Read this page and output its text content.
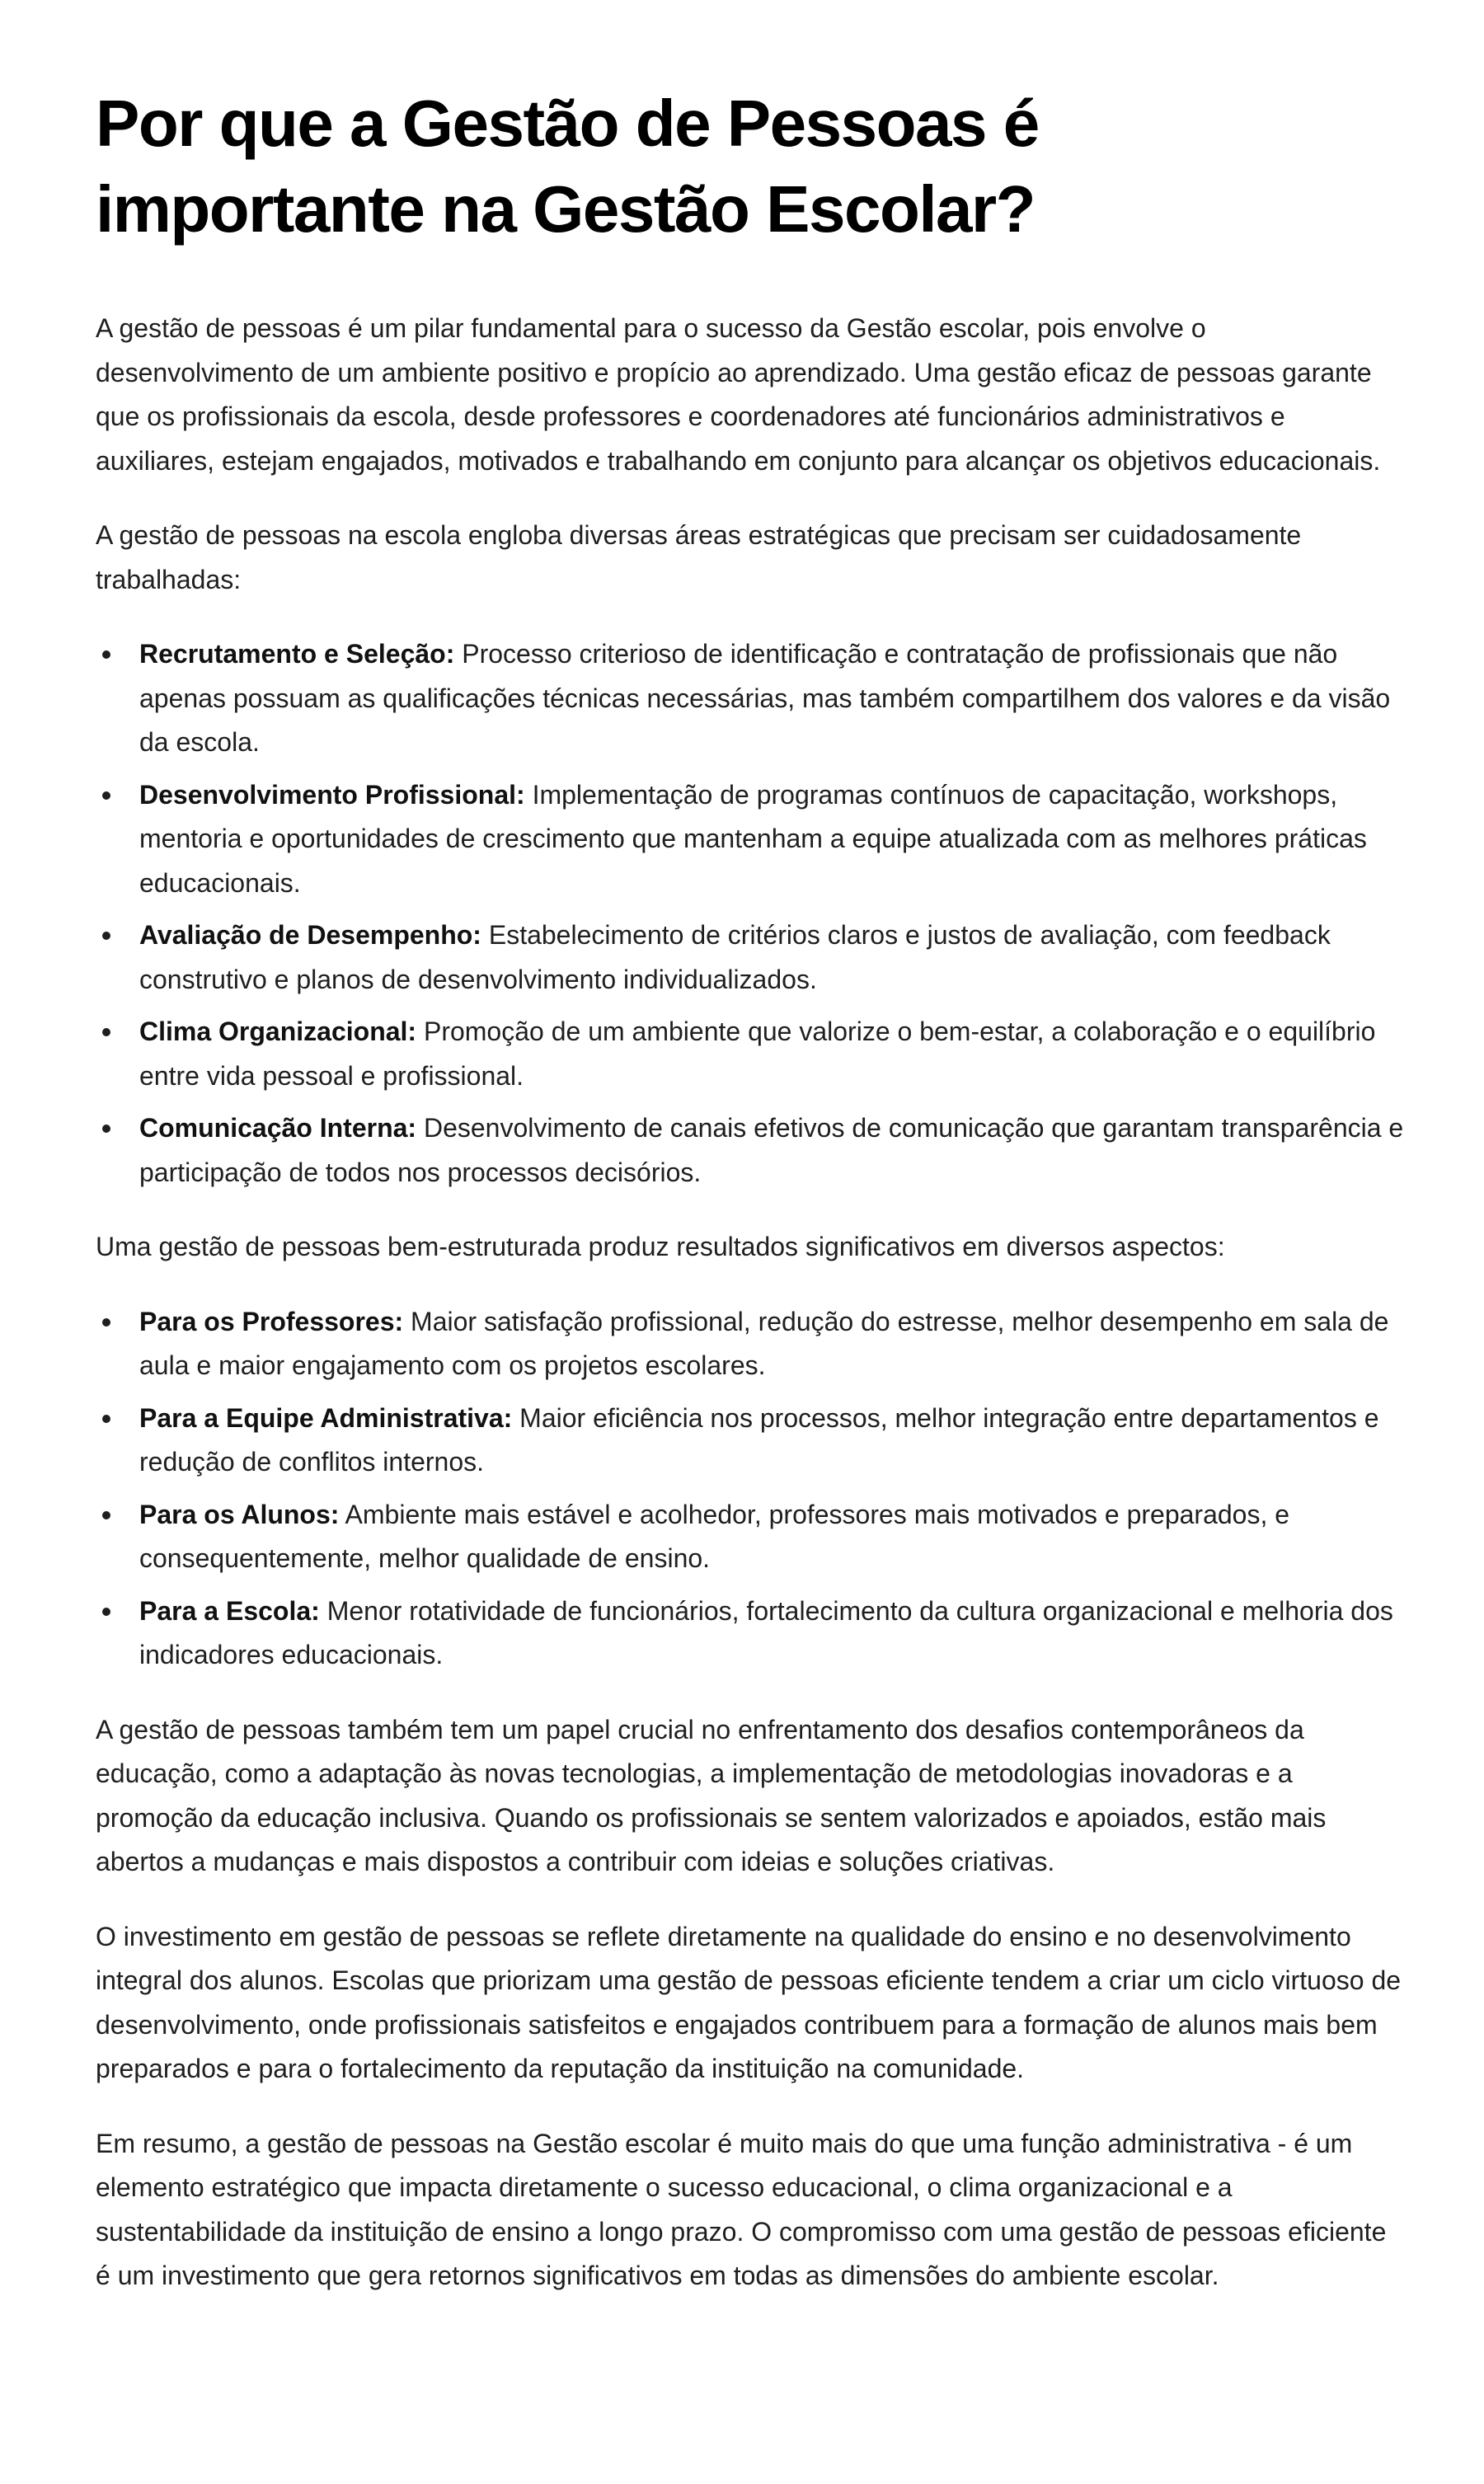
Por que a Gestão de Pessoas é
importante na Gestão Escolar?

A gestão de pessoas é um pilar fundamental para o sucesso da Gestão escolar, pois envolve o desenvolvimento de um ambiente positivo e propício ao aprendizado. Uma gestão eficaz de pessoas garante que os profissionais da escola, desde professores e coordenadores até funcionários administrativos e auxiliares, estejam engajados, motivados e trabalhando em conjunto para alcançar os objetivos educacionais.

A gestão de pessoas na escola engloba diversas áreas estratégicas que precisam ser cuidadosamente trabalhadas:

Recrutamento e Seleção: Processo criterioso de identificação e contratação de profissionais que não apenas possuam as qualificações técnicas necessárias, mas também compartilhem dos valores e da visão da escola.
Desenvolvimento Profissional: Implementação de programas contínuos de capacitação, workshops, mentoria e oportunidades de crescimento que mantenham a equipe atualizada com as melhores práticas educacionais.
Avaliação de Desempenho: Estabelecimento de critérios claros e justos de avaliação, com feedback construtivo e planos de desenvolvimento individualizados.
Clima Organizacional: Promoção de um ambiente que valorize o bem-estar, a colaboração e o equilíbrio entre vida pessoal e profissional.
Comunicação Interna: Desenvolvimento de canais efetivos de comunicação que garantam transparência e participação de todos nos processos decisórios.

Uma gestão de pessoas bem-estruturada produz resultados significativos em diversos aspectos:

Para os Professores: Maior satisfação profissional, redução do estresse, melhor desempenho em sala de aula e maior engajamento com os projetos escolares.
Para a Equipe Administrativa: Maior eficiência nos processos, melhor integração entre departamentos e redução de conflitos internos.
Para os Alunos: Ambiente mais estável e acolhedor, professores mais motivados e preparados, e consequentemente, melhor qualidade de ensino.
Para a Escola: Menor rotatividade de funcionários, fortalecimento da cultura organizacional e melhoria dos indicadores educacionais.

A gestão de pessoas também tem um papel crucial no enfrentamento dos desafios contemporâneos da educação, como a adaptação às novas tecnologias, a implementação de metodologias inovadoras e a promoção da educação inclusiva. Quando os profissionais se sentem valorizados e apoiados, estão mais abertos a mudanças e mais dispostos a contribuir com ideias e soluções criativas.

O investimento em gestão de pessoas se reflete diretamente na qualidade do ensino e no desenvolvimento integral dos alunos. Escolas que priorizam uma gestão de pessoas eficiente tendem a criar um ciclo virtuoso de desenvolvimento, onde profissionais satisfeitos e engajados contribuem para a formação de alunos mais bem preparados e para o fortalecimento da reputação da instituição na comunidade.

Em resumo, a gestão de pessoas na Gestão escolar é muito mais do que uma função administrativa - é um elemento estratégico que impacta diretamente o sucesso educacional, o clima organizacional e a sustentabilidade da instituição de ensino a longo prazo. O compromisso com uma gestão de pessoas eficiente é um investimento que gera retornos significativos em todas as dimensões do ambiente escolar.
